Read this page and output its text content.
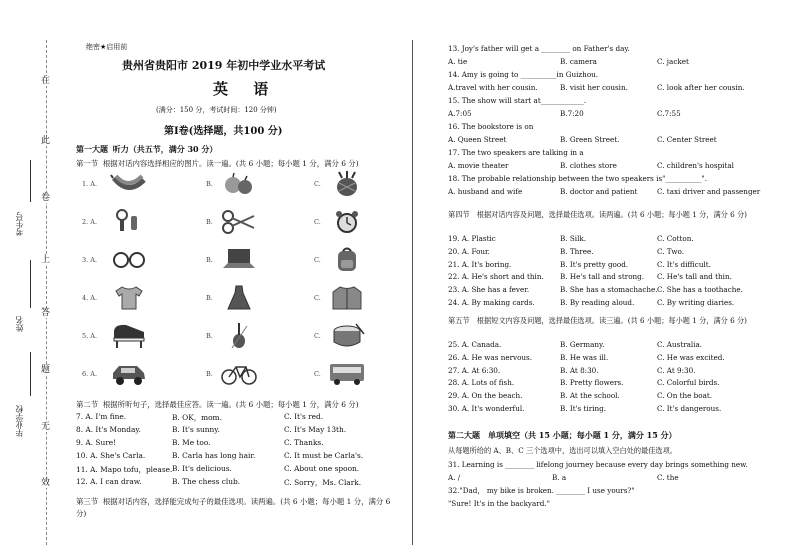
在
此
卷
上
答
题
无
效
考生号
姓名
毕业学校
绝密★启用前
贵州省贵阳市 2019 年初中学业水平考试
英 语
(满分：150 分，考试时间：120 分钟)
第Ⅰ卷(选择题，共100 分)
第一大题 听力（共五节，满分 30 分）
第一节 根据对话内容选择相应的图片。读一遍。(共 6 小题；每小题 1 分，满分 6 分)
1. A.	B.	C.
2. A.	B.	C.
3. A.	B.	C.
4. A.	B.	C.
5. A.	B.	C.
6. A.	B.	C.
第二节 根据所听句子，选择最佳应答。读一遍。(共 6 小题；每小题 1 分，满分 6 分)
7. A. I'm fine.	B. OK，mom.	C. It's red.
8. A. It's Monday.	B. It's sunny.	C. It's May 13th.
9. A. Sure!	B. Me too.	C. Thanks.
10. A. She's Carla.	B. Carla has long hair.	C. It must be Carla's.
11. A. Mapo tofu，please. B. It's delicious.	C. About one spoon.
12. A. I can draw.	B. The chess club.	C. Sorry，Ms. Clark.
第三节 根据对话内容，选择能完成句子的最佳选项。读两遍。(共 6 小题；每小题 1 分，满分 6 分)
13. Joy's father will get a ________ on Father's day.
A. tie	B. camera	C. jacket
14. Amy is going to __________in Guizhou.
A.travel with her cousin.	B. visit her cousin.	C. look after her cousin.
15. The show will start at____________.
A.7:05	B.7:20	C.7:55
16. The bookstore is on
A. Queen Street	B. Green Street.	C. Center Street
17. The two speakers are talking in a
A. movie theater	B. clothes store	C. children's hospital
18. The probable relationship between the two speakers is"__________".
A. husband and wife	B. doctor and patient	C. taxi driver and passenger
第四节　根据对话内容及问题，选择最佳选项。读两遍。(共 6 小题；每小题 1 分，满分 6 分)
19. A. Plastic	B. Silk.	C. Cotton.
20. A. Four.	B. Three.	C. Two.
21. A. It's boring.	B. It's pretty good.	C. It's difficult.
22. A. He's short and thin. B. He's tall and strong. C. He's tall and thin.
23. A. She has a fever.	B. She has a stomachache. C. She has a toothache.
24. A. By making cards.	B. By reading aloud.	C. By writing diaries.
第五节　根据短文内容及问题，选择最佳选项。读三遍。(共 6 小题；每小题 1 分，满分 6 分)
25. A. Canada.	B. Germany.	C. Australia.
26. A. He was nervous.	B. He was ill.	C. He was excited.
27. A. At 6:30.	B. At 8:30.	C. At 9:30.
28. A. Lots of fish.	B. Pretty flowers.	C. Colorful birds.
29. A. On the beach.	B. At the school.	C. On the boat.
30. A. It's wonderful.	B. It's tiring.	C. It's dangerous.
第二大题　单项填空（共 15 小题；每小题 1 分，满分 15 分）
从每题所给的 A、B、C 三个选项中，选出可以填入空白处的最佳选项。
31. Learning is ________ lifelong journey because every day brings something new.
A. /	B. a	C. the
32."Dad， my bike is broken. ________ I use yours?"
"Sure! It's in the backyard."
